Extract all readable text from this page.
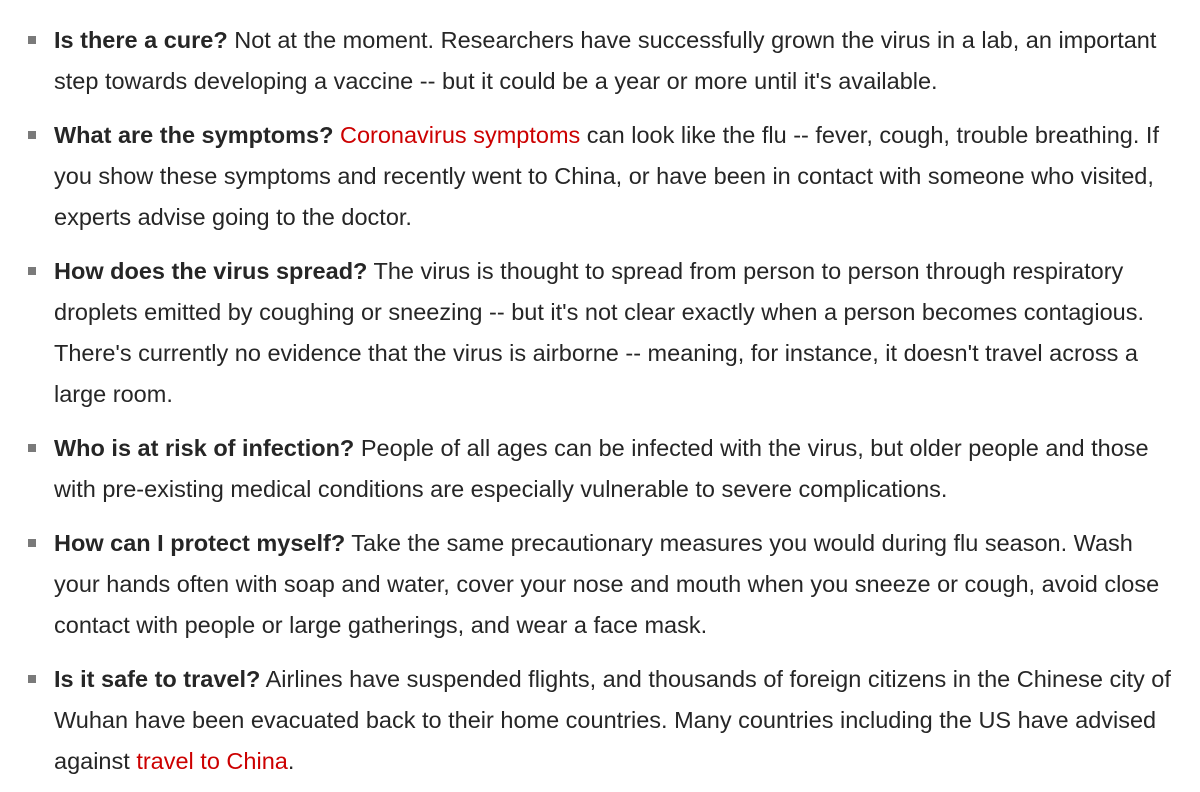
Is there a cure? Not at the moment. Researchers have successfully grown the virus in a lab, an important step towards developing a vaccine -- but it could be a year or more until it's available.
What are the symptoms? Coronavirus symptoms can look like the flu -- fever, cough, trouble breathing. If you show these symptoms and recently went to China, or have been in contact with someone who visited, experts advise going to the doctor.
How does the virus spread? The virus is thought to spread from person to person through respiratory droplets emitted by coughing or sneezing -- but it's not clear exactly when a person becomes contagious. There's currently no evidence that the virus is airborne -- meaning, for instance, it doesn't travel across a large room.
Who is at risk of infection? People of all ages can be infected with the virus, but older people and those with pre-existing medical conditions are especially vulnerable to severe complications.
How can I protect myself? Take the same precautionary measures you would during flu season. Wash your hands often with soap and water, cover your nose and mouth when you sneeze or cough, avoid close contact with people or large gatherings, and wear a face mask.
Is it safe to travel? Airlines have suspended flights, and thousands of foreign citizens in the Chinese city of Wuhan have been evacuated back to their home countries. Many countries including the US have advised against travel to China.
